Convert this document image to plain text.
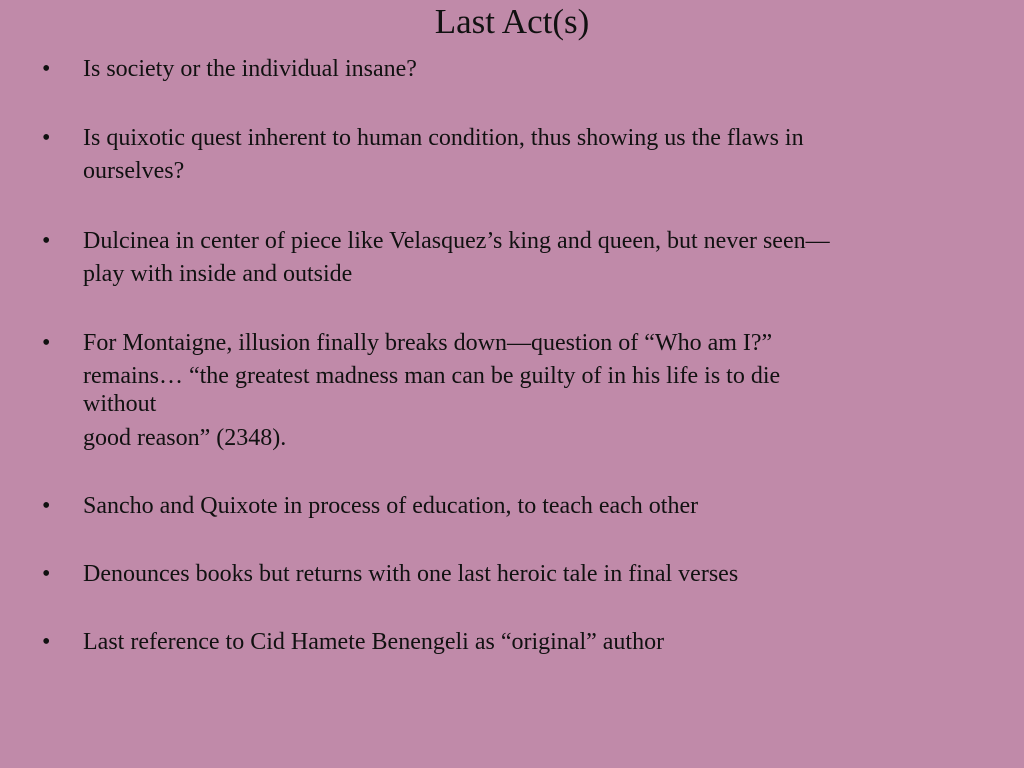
Last Act(s)
• Is society or the individual insane?
• Is quixotic quest inherent to human condition, thus showing us the flaws in
ourselves?
• Dulcinea in center of piece like Velasquez’s king and queen, but never seen—
play with inside and outside
• For Montaigne, illusion finally breaks down—question of “Who am I?”
remains… “the greatest madness man can be guilty of in his life is to die
without
good reason” (2348).
• Sancho and Quixote in process of education, to teach each other
• Denounces books but returns with one last heroic tale in final verses
• Last reference to Cid Hamete Benengeli as “original” author
